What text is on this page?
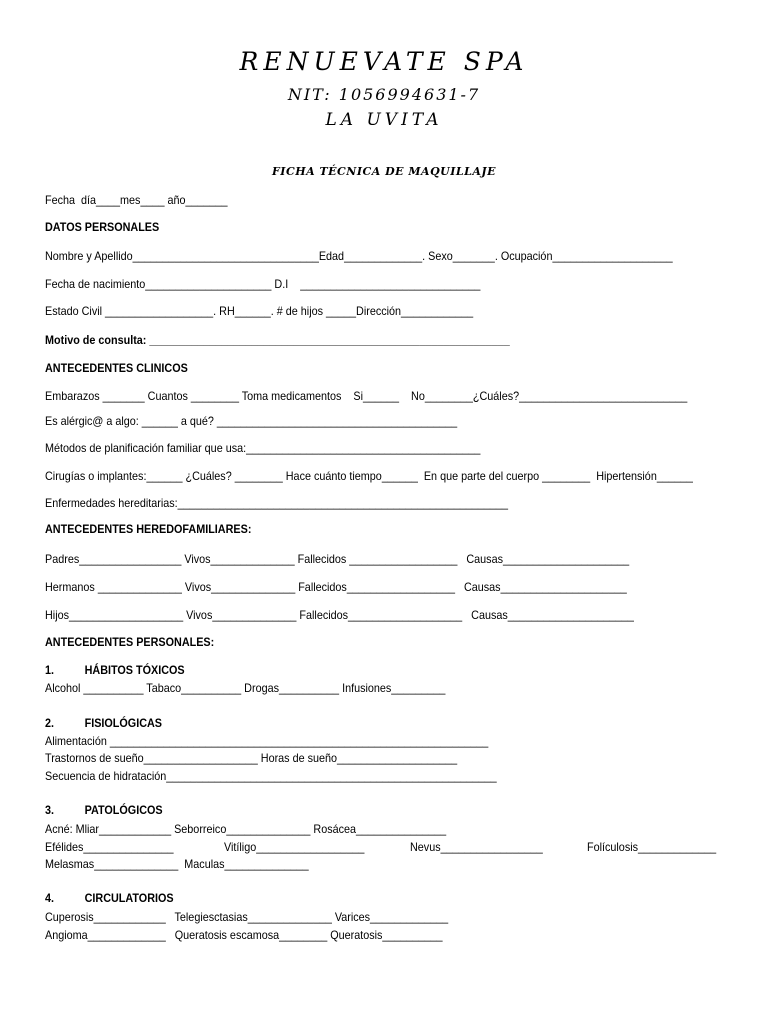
RENUEVATE SPA
NIT: 1056994631-7
LA UVITA
FICHA TÉCNICA DE MAQUILLAJE
Fecha  día____mes____ año_______
DATOS PERSONALES
Nombre y Apellido_______________________________Edad_____________. Sexo_______. Ocupación____________________
Fecha de nacimiento_____________________ D.I    ______________________________
Estado Civil __________________. RH______. # de hijos _____Dirección____________
Motivo de consulta: ____________________________________________________________
ANTECEDENTES CLINICOS
Embarazos _______ Cuantos ________ Toma medicamentos    Si______    No________¿Cuáles?____________________________
Es alérgic@ a algo: ______ a qué? ________________________________________
Métodos de planificación familiar que usa:_______________________________________
Cirugías o implantes:______ ¿Cuáles? ________ Hace cuánto tiempo______  En que parte del cuerpo ________  Hipertensión______
Enfermedades hereditarias:_______________________________________________________
ANTECEDENTES HEREDOFAMILIARES:
Padres_________________ Vivos______________ Fallecidos __________________   Causas_____________________
Hermanos ______________ Vivos______________ Fallecidos__________________   Causas_____________________
Hijos___________________ Vivos______________ Fallecidos___________________   Causas_____________________
ANTECEDENTES PERSONALES:
1.	HÁBITOS TÓXICOS
Alcohol __________ Tabaco__________ Drogas__________ Infusiones_________
2.	FISIOLÓGICAS
Alimentación _______________________________________________________________
Trastornos de sueño___________________ Horas de sueño____________________
Secuencia de hidratación_______________________________________________________
3.	PATOLÓGICOS
Acné: Mliar____________ Seborreico______________ Rosácea_______________
Efélides_______________	Vitíligo__________________	Nevus_________________	Folículosis_____________
Melasmas______________  Maculas______________
4.	CIRCULATORIOS
Cuperosis____________   Telegiesctasias______________ Varices_____________
Angioma_____________   Queratosis escamosa________ Queratosis__________
